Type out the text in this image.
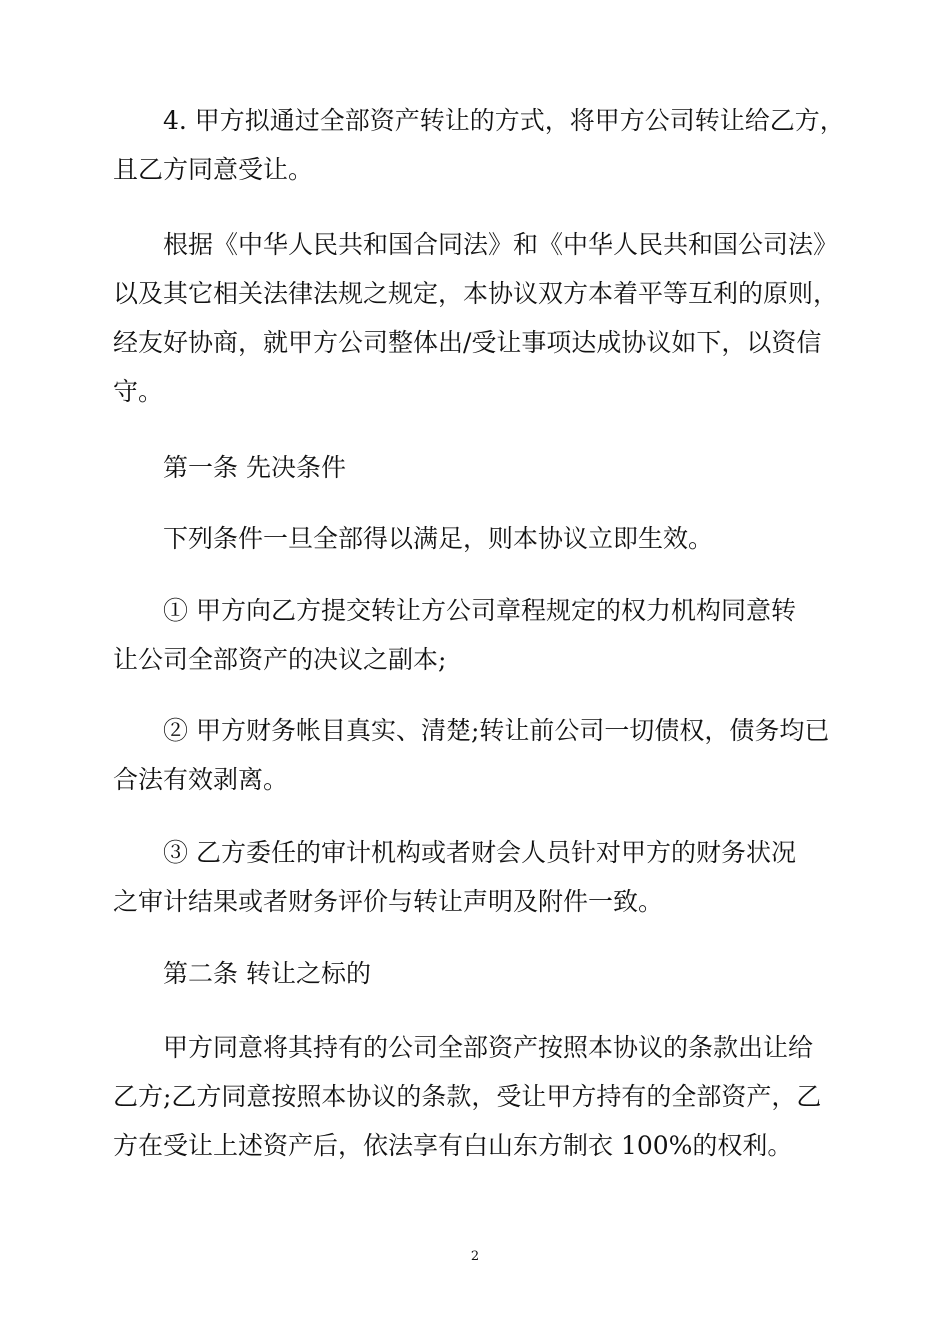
4. 甲方拟通过全部资产转让的方式，将甲方公司转让给乙方，
且乙方同意受让。
根据《中华人民共和国合同法》和《中华人民共和国公司法》
以及其它相关法律法规之规定，本协议双方本着平等互利的原则，
经友好协商，就甲方公司整体出/受让事项达成协议如下，以资信
守。
第一条 先决条件
下列条件一旦全部得以满足，则本协议立即生效。
① 甲方向乙方提交转让方公司章程规定的权力机构同意转
让公司全部资产的决议之副本;
② 甲方财务帐目真实、清楚;转让前公司一切债权，债务均已
合法有效剥离。
③ 乙方委任的审计机构或者财会人员针对甲方的财务状况
之审计结果或者财务评价与转让声明及附件一致。
第二条 转让之标的
甲方同意将其持有的公司全部资产按照本协议的条款出让给
乙方;乙方同意按照本协议的条款，受让甲方持有的全部资产，乙
方在受让上述资产后，依法享有白山东方制衣 100%的权利。
2
